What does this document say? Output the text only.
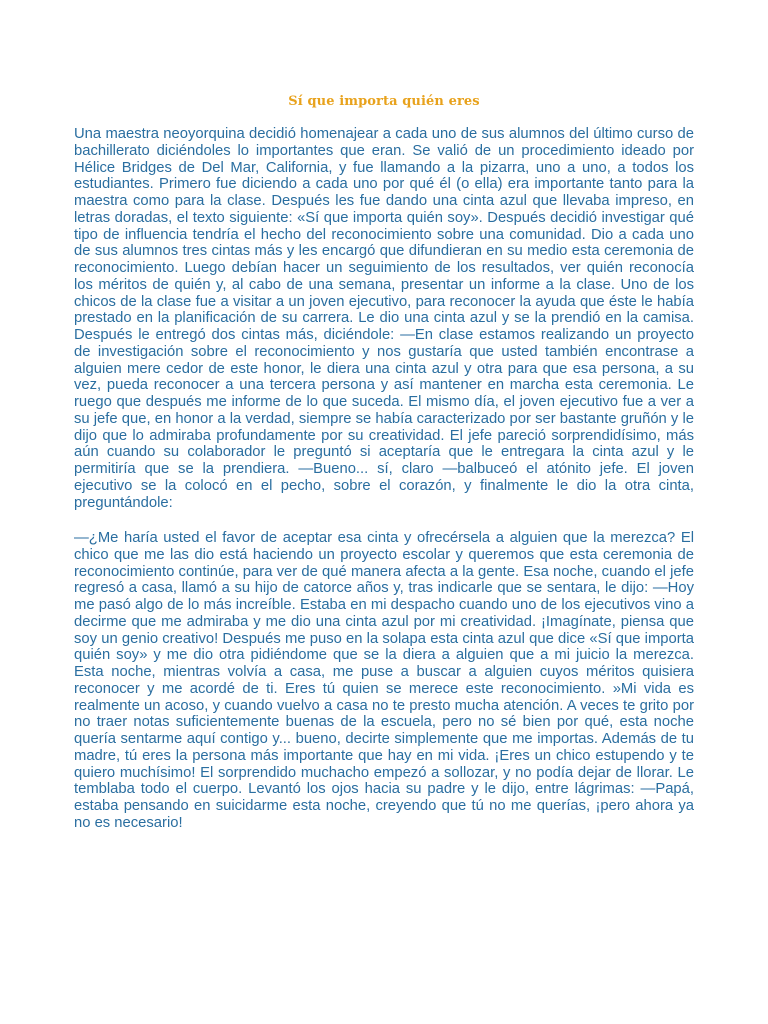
Sí que importa quién eres

Una maestra neoyorquina decidió homenajear a cada uno de sus alumnos del último curso de bachillerato diciéndoles lo importantes que eran. Se valió de un procedimiento ideado por Hélice Bridges de Del Mar, California, y fue llamando a la pizarra, uno a uno, a todos los estudiantes. Primero fue diciendo a cada uno por qué él (o ella) era importante tanto para la maestra como para la clase. Después les fue dando una cinta azul que llevaba impreso, en letras doradas, el texto siguiente: «Sí que importa quién soy». Después decidió investigar qué tipo de influencia tendría el hecho del reconocimiento sobre una comunidad. Dio a cada uno de sus alumnos tres cintas más y les encargó que difundieran en su medio esta ceremonia de reconocimiento. Luego debían hacer un seguimiento de los resultados, ver quién reconocía los méritos de quién y, al cabo de una semana, presentar un informe a la clase. Uno de los chicos de la clase fue a visitar a un joven ejecutivo, para reconocer la ayuda que éste le había prestado en la planificación de su carrera. Le dio una cinta azul y se la prendió en la camisa. Después le entregó dos cintas más, diciéndole: —En clase estamos realizando un proyecto de investigación sobre el reconocimiento y nos gustaría que usted también encontrase a alguien mere cedor de este honor, le diera una cinta azul y otra para que esa persona, a su vez, pueda reconocer a una tercera persona y así mantener en marcha esta ceremonia. Le ruego que después me informe de lo que suceda. El mismo día, el joven ejecutivo fue a ver a su jefe que, en honor a la verdad, siempre se había caracterizado por ser bastante gruñón y le dijo que lo admiraba profundamente por su creatividad. El jefe pareció sorprendidísimo, más aún cuando su colaborador le preguntó si aceptaría que le entregara la cinta azul y le permitiría que se la prendiera. —Bueno... sí, claro —balbuceó el atónito jefe. El joven ejecutivo se la colocó en el pecho, sobre el corazón, y finalmente le dio la otra cinta, preguntándole:

—¿Me haría usted el favor de aceptar esa cinta y ofrecérsela a alguien que la merezca? El chico que me las dio está haciendo un proyecto escolar y queremos que esta ceremonia de reconocimiento continúe, para ver de qué manera afecta a la gente. Esa noche, cuando el jefe regresó a casa, llamó a su hijo de catorce años y, tras indicarle que se sentara, le dijo: —Hoy me pasó algo de lo más increíble. Estaba en mi despacho cuando uno de los ejecutivos vino a decirme que me admiraba y me dio una cinta azul por mi creatividad. ¡Imagínate, piensa que soy un genio creativo! Después me puso en la solapa esta cinta azul que dice «Sí que importa quién soy» y me dio otra pidiéndome que se la diera a alguien que a mi juicio la merezca. Esta noche, mientras volvía a casa, me puse a buscar a alguien cuyos méritos quisiera reconocer y me acordé de ti. Eres tú quien se merece este reconocimiento. »Mi vida es realmente un acoso, y cuando vuelvo a casa no te presto mucha atención. A veces te grito por no traer notas suficientemente buenas de la escuela, pero no sé bien por qué, esta noche quería sentarme aquí contigo y... bueno, decirte simplemente que me importas. Además de tu madre, tú eres la persona más importante que hay en mi vida. ¡Eres un chico estupendo y te quiero muchísimo! El sorprendido muchacho empezó a sollozar, y no podía dejar de llorar. Le temblaba todo el cuerpo. Levantó los ojos hacia su padre y le dijo, entre lágrimas: —Papá, estaba pensando en suicidarme esta noche, creyendo que tú no me querías, ¡pero ahora ya no es necesario!
